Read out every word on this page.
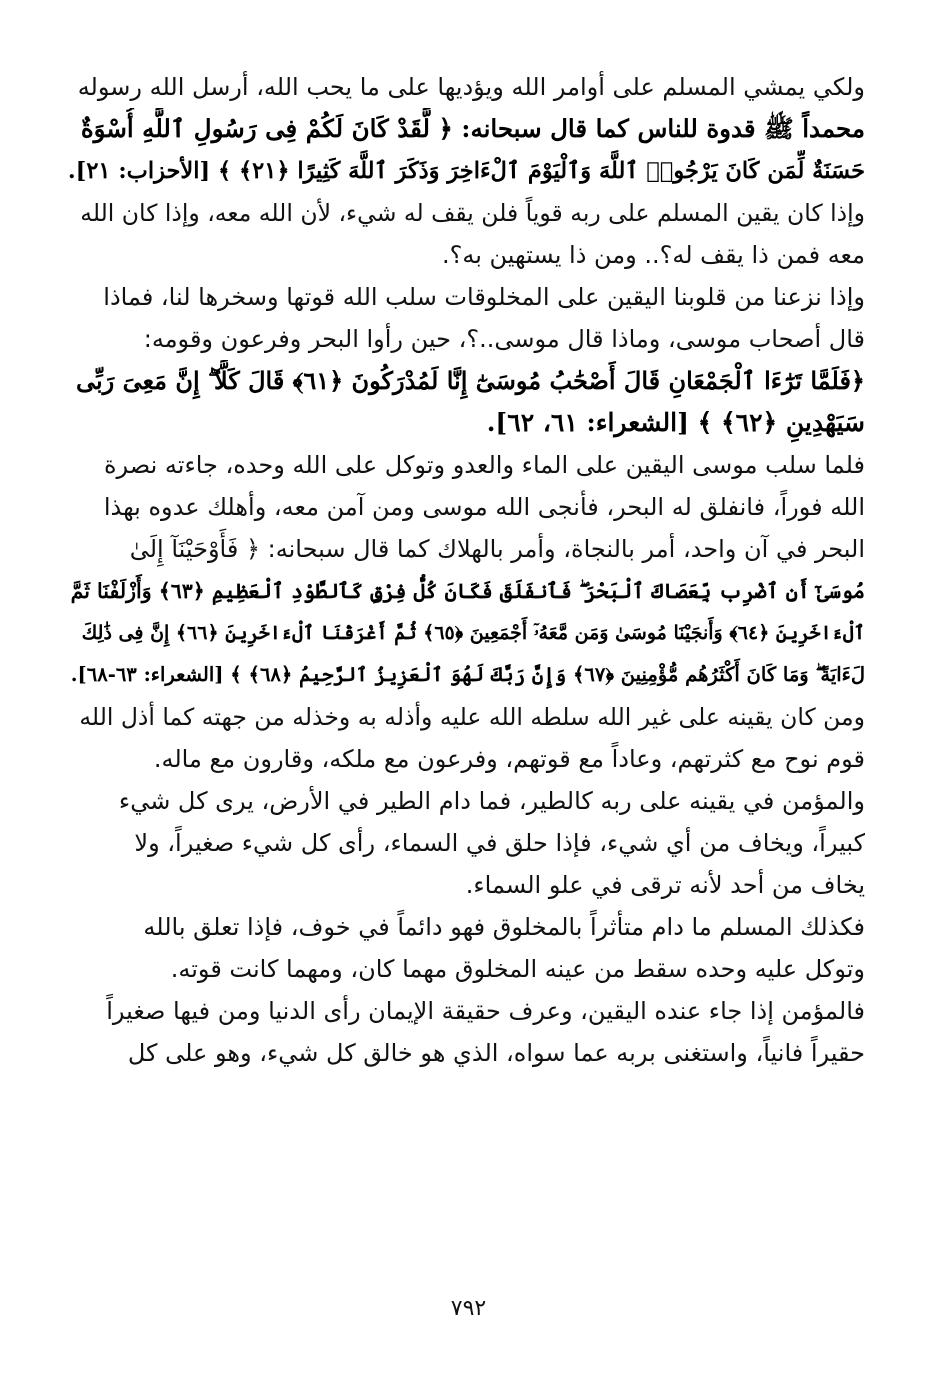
ولكي يمشي المسلم على أوامر الله ويؤديها على ما يحب الله، أرسل الله رسوله
محمداً ﷺ قدوة للناس كما قال سبحانه: ﴿ لَّقَدْ كَانَ لَكُمْ فِى رَسُولِ ٱللَّهِ أُسْوَةٌ
حَسَنَةٌ لِّمَن كَانَ يَرْجُوا۟ ٱللَّهَ وَٱلْيَوْمَ ٱلْءَاخِرَ وَذَكَرَ ٱللَّهَ كَثِيرًا ﴿٢١﴾ ﴾ [الأحزاب: ٢١].
وإذا كان يقين المسلم على ربه قوياً فلن يقف له شيء، لأن الله معه، وإذا كان الله
معه فمن ذا يقف له؟.. ومن ذا يستهين به؟.
وإذا نزعنا من قلوبنا اليقين على المخلوقات سلب الله قوتها وسخرها لنا، فماذا
قال أصحاب موسى، وماذا قال موسى..؟، حين رأوا البحر وفرعون وقومه:
﴿فَلَمَّا تَرَٰٓءَا ٱلْجَمْعَانِ قَالَ أَصْحَٰبُ مُوسَىٰٓ إِنَّا لَمُدْرَكُونَ ﴿٦١﴾ قَالَ كَلَّآ ۖ إِنَّ مَعِىَ رَبِّى
سَيَهْدِينِ ﴿٦٢﴾ ﴾ [الشعراء: ٦١، ٦٢].
فلما سلب موسى اليقين على الماء والعدو وتوكل على الله وحده، جاءته نصرة
الله فوراً، فانفلق له البحر، فأنجى الله موسى ومن آمن معه، وأهلك عدوه بهذا
البحر في آن واحد، أمر بالنجاة، وأمر بالهلاك كما قال سبحانه: ﴿ فَأَوْحَيْنَآ إِلَىٰ
مُوسَىٰٓ أَنِ ٱضْرِب بِّعَصَاكَ ٱلْبَحْرَ ۖ فَٱنفَلَقَ فَكَانَ كُلُّ فِرْقٍ كَٱلطَّوْدِ ٱلْعَظِيمِ ﴿٦٣﴾ وَأَزْلَفْنَا ثَمَّ
ٱلْءَاخَرِينَ ﴿٦٤﴾ وَأَنجَيْنَا مُوسَىٰ وَمَن مَّعَهُۥٓ أَجْمَعِينَ ﴿٦٥﴾ ثُمَّ أَغْرَقْنَا ٱلْءَاخَرِينَ ﴿٦٦﴾ إِنَّ فِى ذَٰلِكَ
لَءَايَةً ۖ وَمَا كَانَ أَكْثَرُهُم مُّؤْمِنِينَ ﴿٦٧﴾ وَإِنَّ رَبَّكَ لَهُوَ ٱلْعَزِيزُ ٱلرَّحِيمُ ﴿٦٨﴾ ﴾ [الشعراء: ٦٣-٦٨].
ومن كان يقينه على غير الله سلطه الله عليه وأذله به وخذله من جهته كما أذل الله
قوم نوح مع كثرتهم، وعاداً مع قوتهم، وفرعون مع ملكه، وقارون مع ماله.
والمؤمن في يقينه على ربه كالطير، فما دام الطير في الأرض، يرى كل شيء
كبيراً، ويخاف من أي شيء، فإذا حلق في السماء، رأى كل شيء صغيراً، ولا
يخاف من أحد لأنه ترقى في علو السماء.
فكذلك المسلم ما دام متأثراً بالمخلوق فهو دائماً في خوف، فإذا تعلق بالله
وتوكل عليه وحده سقط من عينه المخلوق مهما كان، ومهما كانت قوته.
فالمؤمن إذا جاء عنده اليقين، وعرف حقيقة الإيمان رأى الدنيا ومن فيها صغيراً
حقيراً فانياً، واستغنى بربه عما سواه، الذي هو خالق كل شيء، وهو على كل
٧٩٢
